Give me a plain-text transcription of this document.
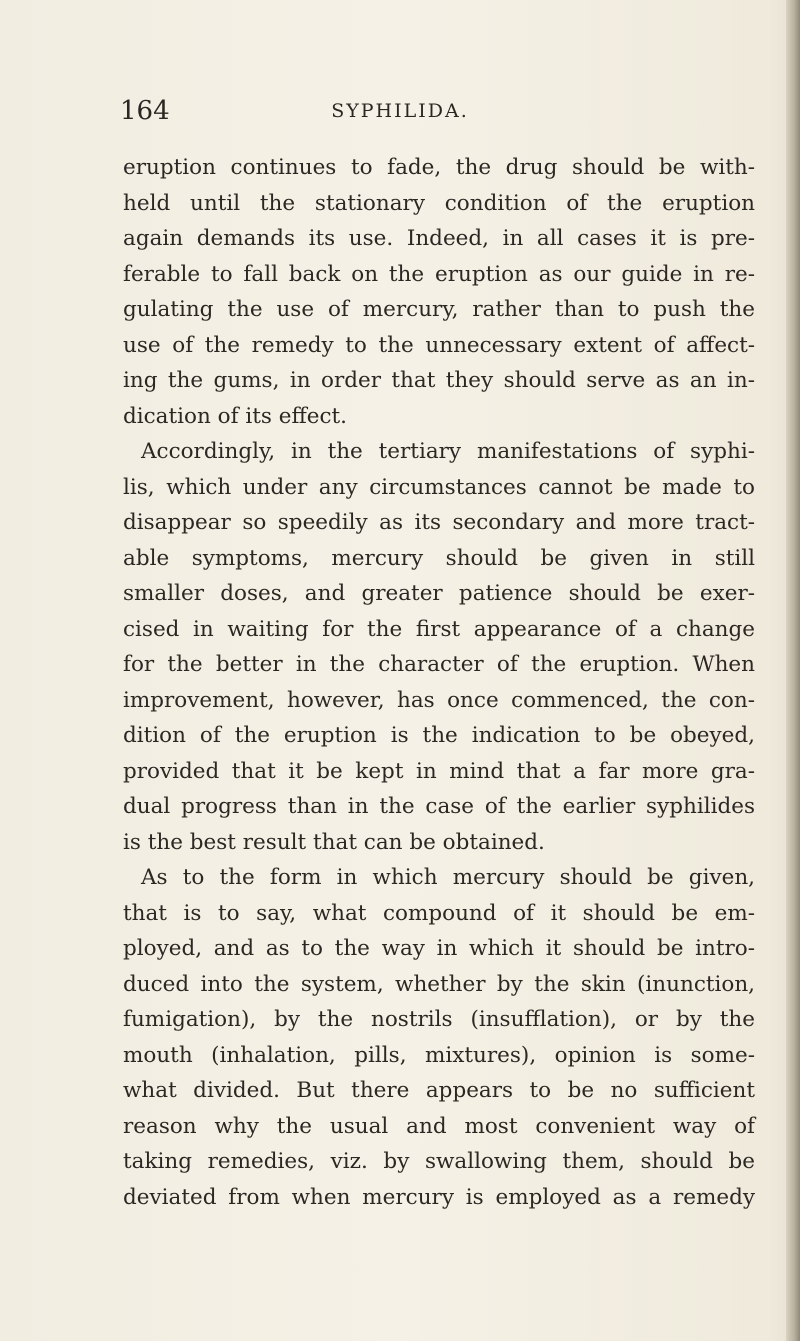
164	SYPHILIDA.
eruption continues to fade, the drug should be with-
held until the stationary condition of the eruption
again demands its use. Indeed, in all cases it is pre-
ferable to fall back on the eruption as our guide in re-
gulating the use of mercury, rather than to push the
use of the remedy to the unnecessary extent of affect-
ing the gums, in order that they should serve as an in-
dication of its effect.
Accordingly, in the tertiary manifestations of syphi-
lis, which under any circumstances cannot be made to
disappear so speedily as its secondary and more tract-
able symptoms, mercury should be given in still
smaller doses, and greater patience should be exer-
cised in waiting for the first appearance of a change
for the better in the character of the eruption. When
improvement, however, has once commenced, the con-
dition of the eruption is the indication to be obeyed,
provided that it be kept in mind that a far more gra-
dual progress than in the case of the earlier syphilides
is the best result that can be obtained.
As to the form in which mercury should be given,
that is to say, what compound of it should be em-
ployed, and as to the way in which it should be intro-
duced into the system, whether by the skin (inunction,
fumigation), by the nostrils (insufflation), or by the
mouth (inhalation, pills, mixtures), opinion is some-
what divided. But there appears to be no sufficient
reason why the usual and most convenient way of
taking remedies, viz. by swallowing them, should be
deviated from when mercury is employed as a remedy
